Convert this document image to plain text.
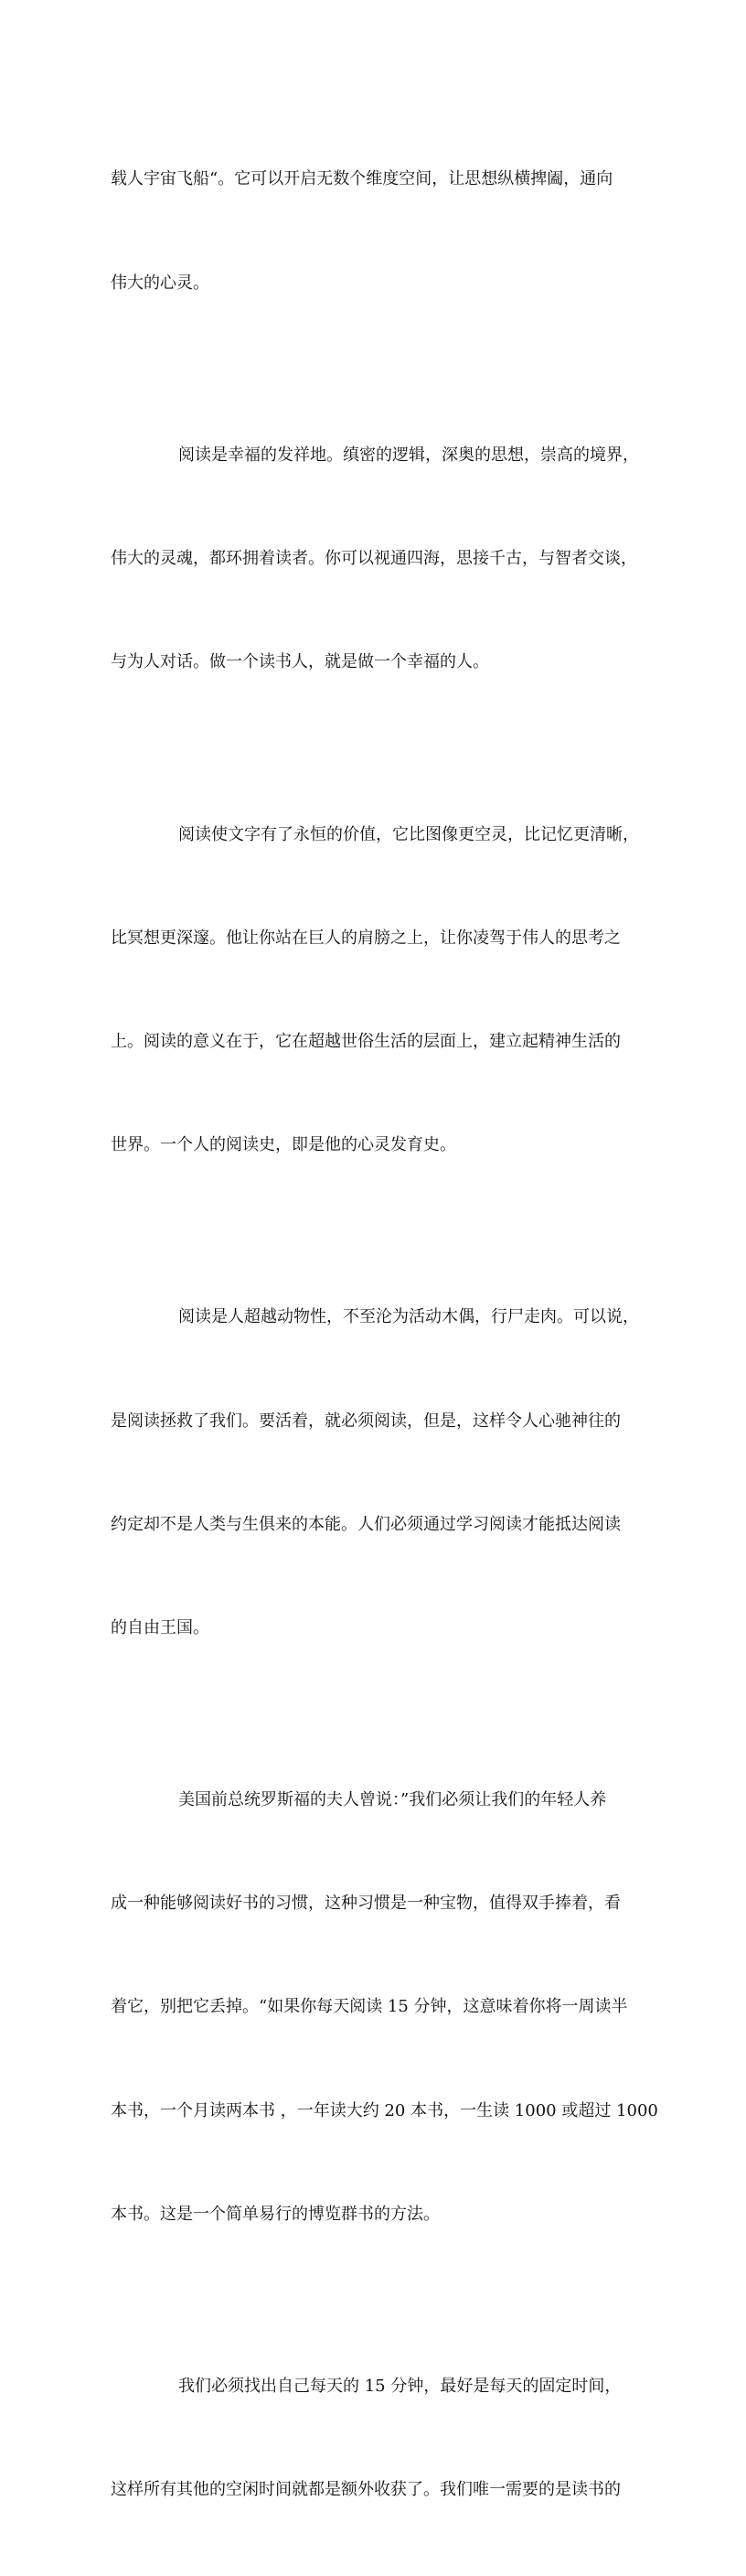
载人宇宙飞船“。它可以开启无数个维度空间，让思想纵横捭阖，通向

伟大的心灵。

阅读是幸福的发祥地。缜密的逻辑，深奥的思想，崇高的境界，

伟大的灵魂，都环拥着读者。你可以视通四海，思接千古，与智者交谈，

与为人对话。做一个读书人，就是做一个幸福的人。

阅读使文字有了永恒的价值，它比图像更空灵，比记忆更清晰，

比冥想更深邃。他让你站在巨人的肩膀之上，让你凌驾于伟人的思考之

上。阅读的意义在于，它在超越世俗生活的层面上，建立起精神生活的

世界。一个人的阅读史，即是他的心灵发育史。

阅读是人超越动物性，不至沦为活动木偶，行尸走肉。可以说，

是阅读拯救了我们。要活着，就必须阅读，但是，这样令人心驰神往的

约定却不是人类与生俱来的本能。人们必须通过学习阅读才能抵达阅读

的自由王国。

美国前总统罗斯福的夫人曾说：”我们必须让我们的年轻人养

成一种能够阅读好书的习惯，这种习惯是一种宝物，值得双手捧着，看

着它，别把它丢掉。“如果你每天阅读 15 分钟，这意味着你将一周读半

本书，一个月读两本书 ，一年读大约 20 本书，一生读 1000 或超过 1000

本书。这是一个简单易行的博览群书的方法。

我们必须找出自己每天的 15 分钟，最好是每天的固定时间，

这样所有其他的空闲时间就都是额外收获了。我们唯一需要的是读书的
